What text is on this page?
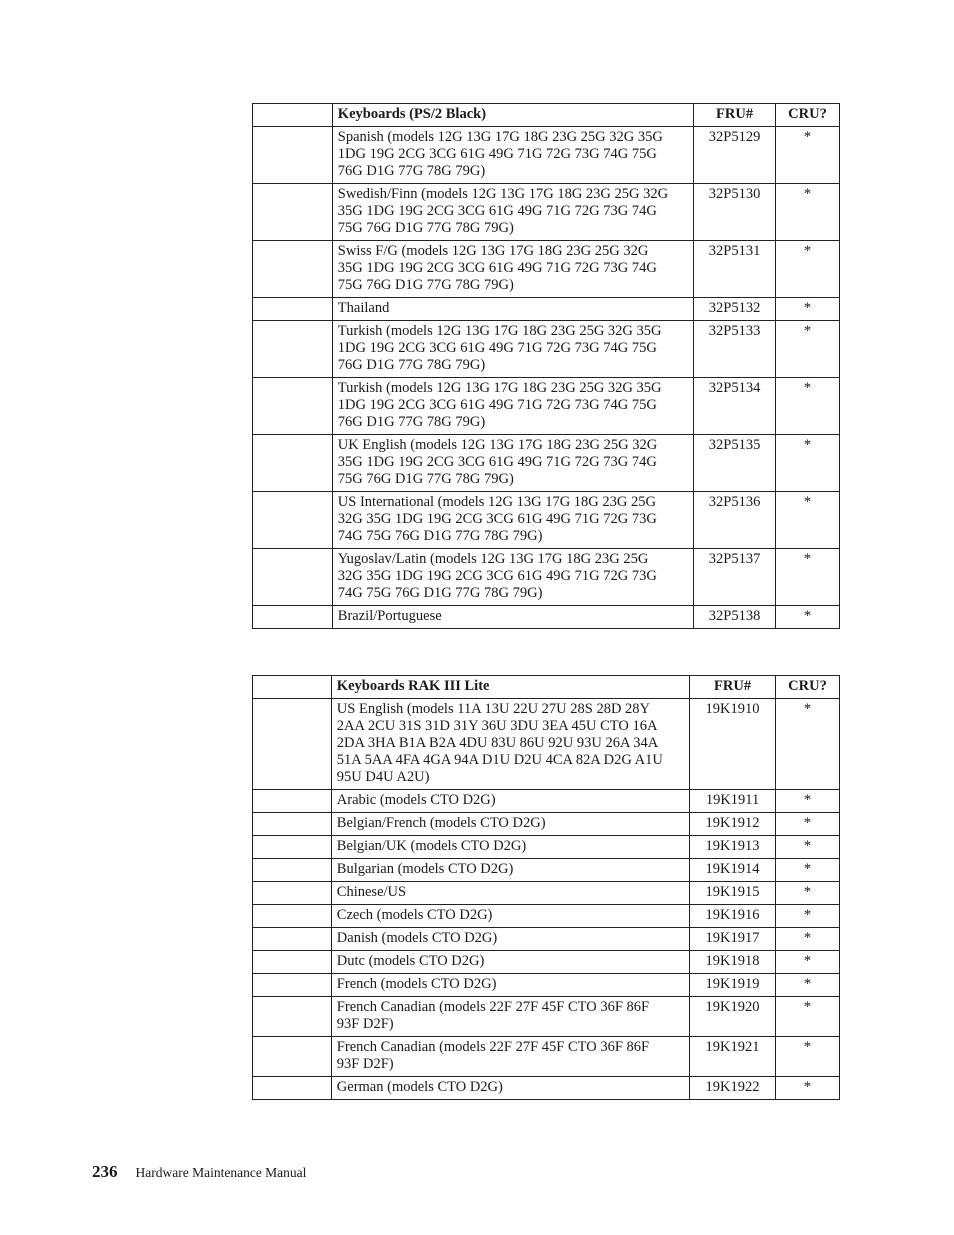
	Keyboards (PS/2 Black)	FRU#	CRU?
	Spanish (models 12G 13G 17G 18G 23G 25G 32G 35G
1DG 19G 2CG 3CG 61G 49G 71G 72G 73G 74G 75G
76G D1G 77G 78G 79G)	32P5129	*
	Swedish/Finn (models 12G 13G 17G 18G 23G 25G 32G
35G 1DG 19G 2CG 3CG 61G 49G 71G 72G 73G 74G
75G 76G D1G 77G 78G 79G)	32P5130	*
	Swiss F/G (models 12G 13G 17G 18G 23G 25G 32G
35G 1DG 19G 2CG 3CG 61G 49G 71G 72G 73G 74G
75G 76G D1G 77G 78G 79G)	32P5131	*
	Thailand	32P5132	*
	Turkish (models 12G 13G 17G 18G 23G 25G 32G 35G
1DG 19G 2CG 3CG 61G 49G 71G 72G 73G 74G 75G
76G D1G 77G 78G 79G)	32P5133	*
	Turkish (models 12G 13G 17G 18G 23G 25G 32G 35G
1DG 19G 2CG 3CG 61G 49G 71G 72G 73G 74G 75G
76G D1G 77G 78G 79G)	32P5134	*
	UK English (models 12G 13G 17G 18G 23G 25G 32G
35G 1DG 19G 2CG 3CG 61G 49G 71G 72G 73G 74G
75G 76G D1G 77G 78G 79G)	32P5135	*
	US International (models 12G 13G 17G 18G 23G 25G
32G 35G 1DG 19G 2CG 3CG 61G 49G 71G 72G 73G
74G 75G 76G D1G 77G 78G 79G)	32P5136	*
	Yugoslav/Latin (models 12G 13G 17G 18G 23G 25G
32G 35G 1DG 19G 2CG 3CG 61G 49G 71G 72G 73G
74G 75G 76G D1G 77G 78G 79G)	32P5137	*
	Brazil/Portuguese	32P5138	*
	Keyboards RAK III Lite	FRU#	CRU?
	US English (models 11A 13U 22U 27U 28S 28D 28Y
2AA 2CU 31S 31D 31Y 36U 3DU 3EA 45U CTO 16A
2DA 3HA B1A B2A 4DU 83U 86U 92U 93U 26A 34A
51A 5AA 4FA 4GA 94A D1U D2U 4CA 82A D2G A1U
95U D4U A2U)	19K1910	*
	Arabic (models CTO D2G)	19K1911	*
	Belgian/French (models CTO D2G)	19K1912	*
	Belgian/UK (models CTO D2G)	19K1913	*
	Bulgarian (models CTO D2G)	19K1914	*
	Chinese/US	19K1915	*
	Czech (models CTO D2G)	19K1916	*
	Danish (models CTO D2G)	19K1917	*
	Dutc (models CTO D2G)	19K1918	*
	French (models CTO D2G)	19K1919	*
	French Canadian (models 22F 27F 45F CTO 36F 86F
93F D2F)	19K1920	*
	French Canadian (models 22F 27F 45F CTO 36F 86F
93F D2F)	19K1921	*
	German (models CTO D2G)	19K1922	*
236 Hardware Maintenance Manual
